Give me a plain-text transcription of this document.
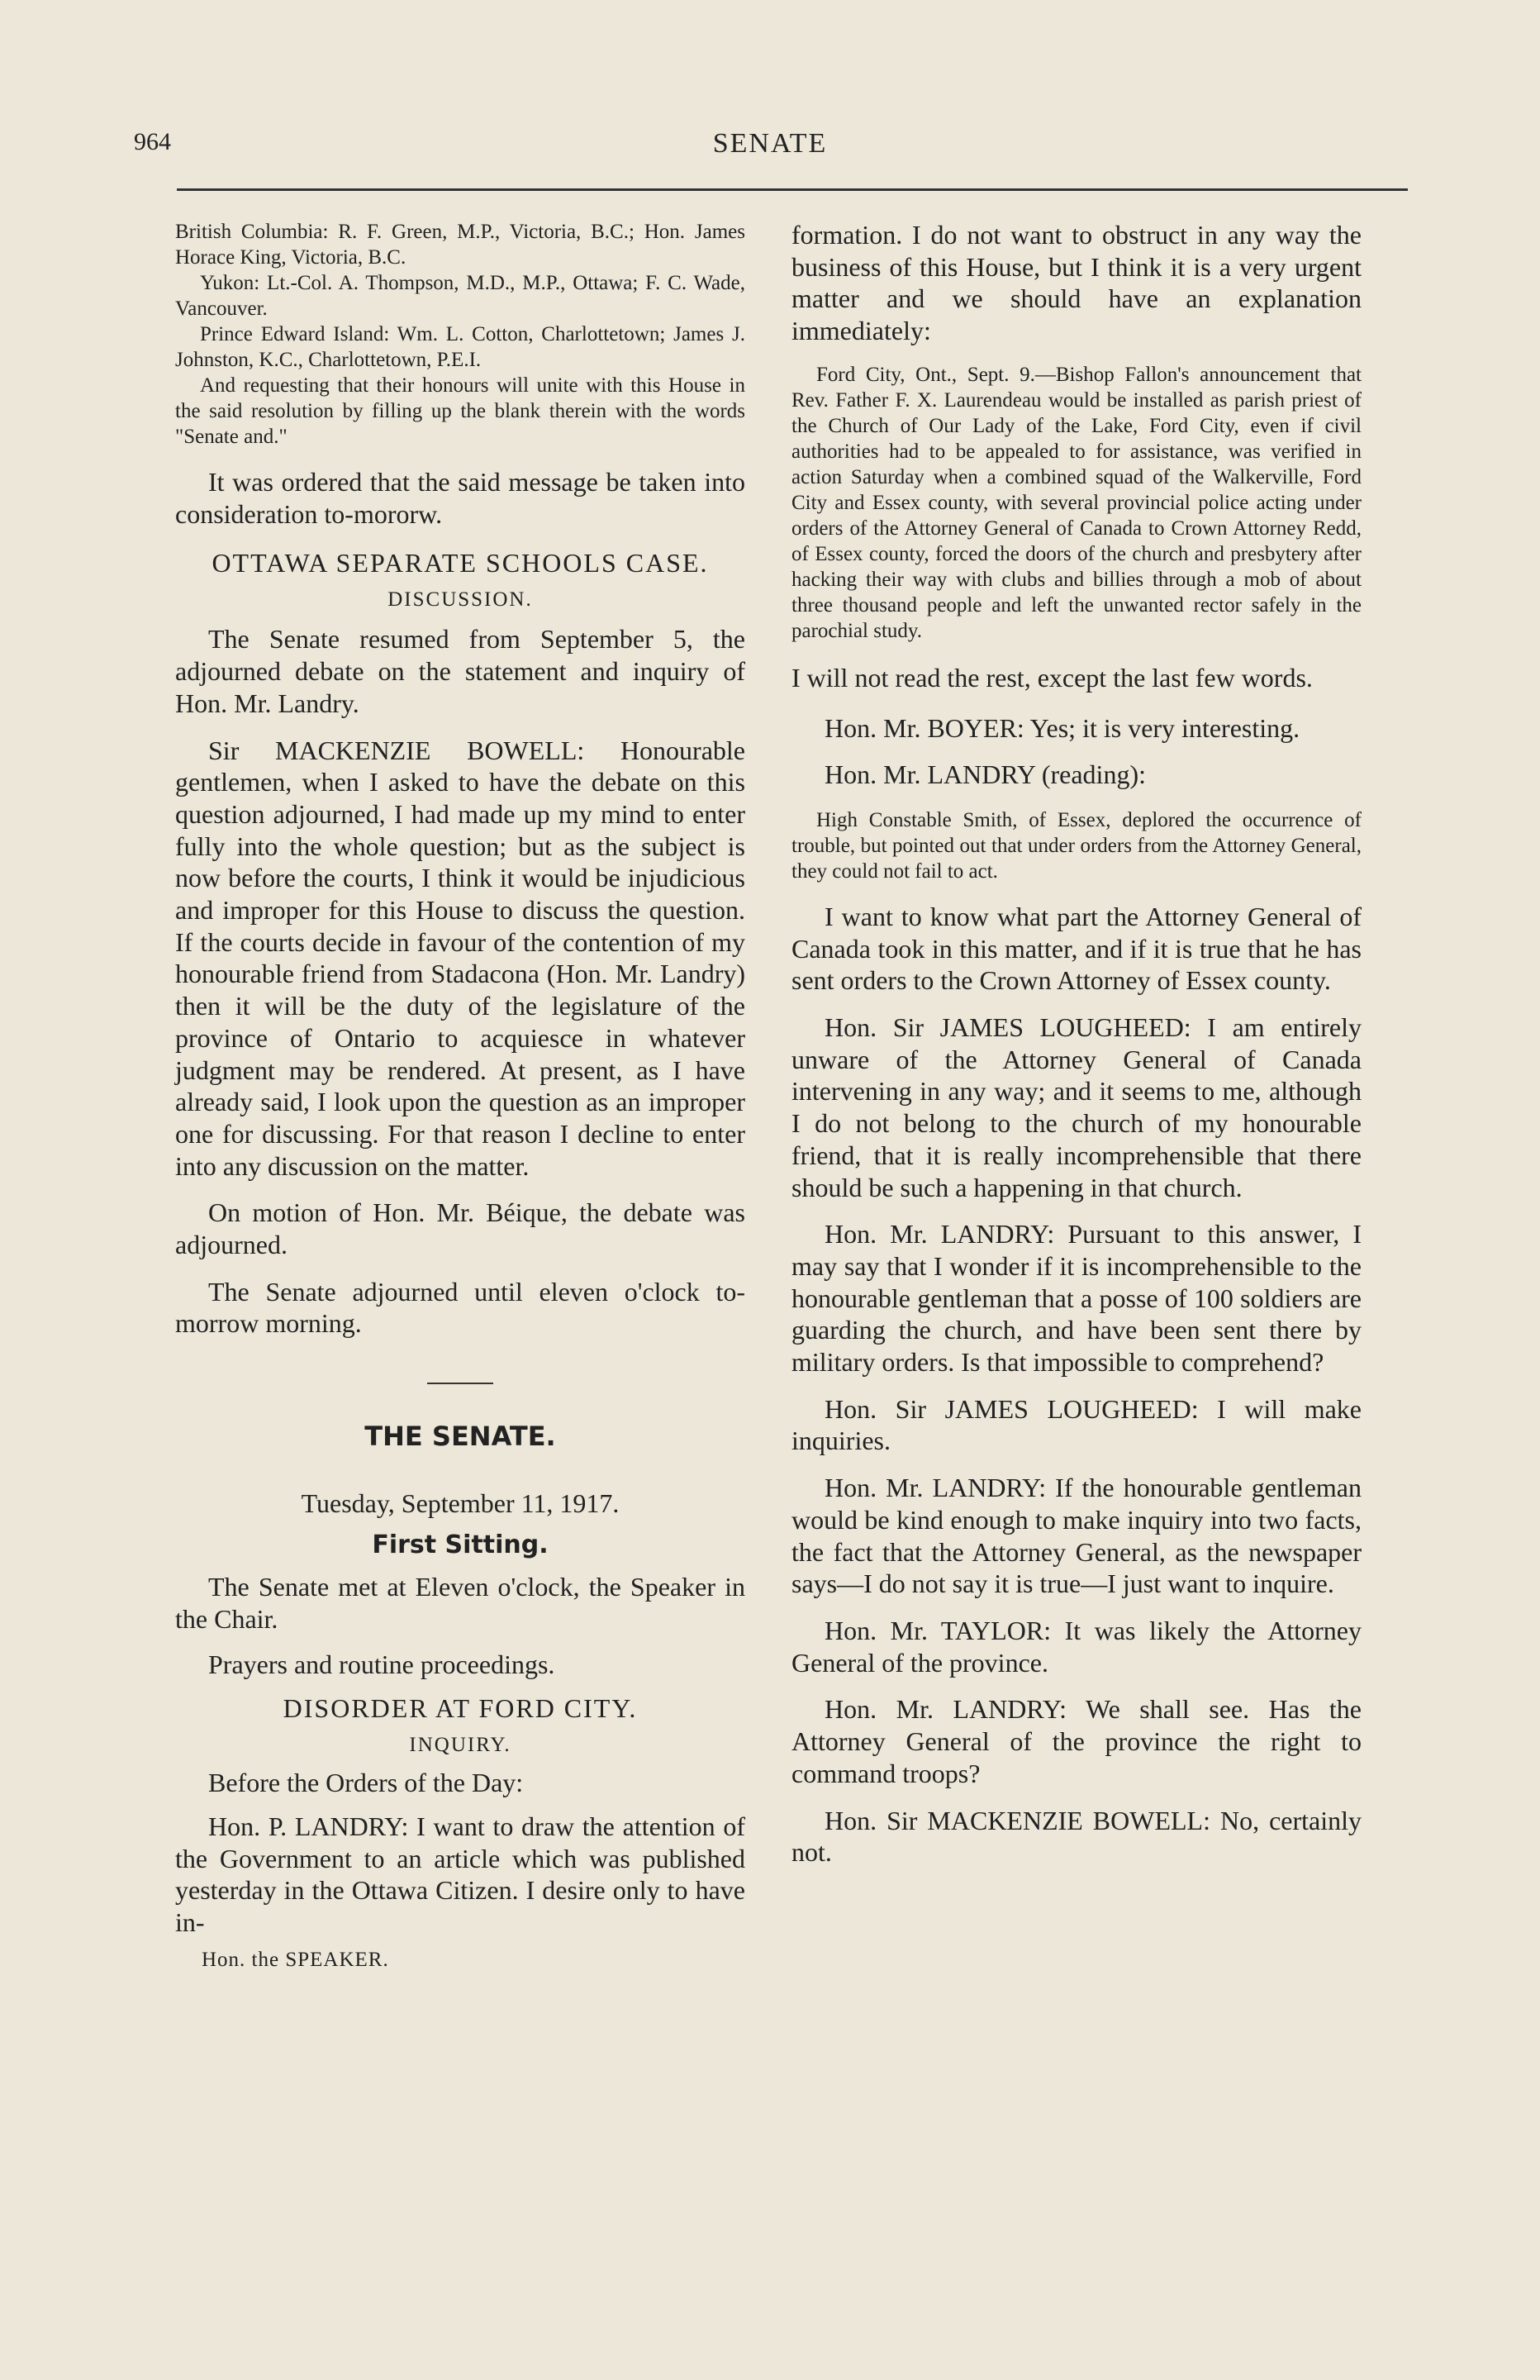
964	SENATE

British Columbia: R. F. Green, M.P., Victoria, B.C.; Hon. James Horace King, Victoria, B.C.

Yukon: Lt.-Col. A. Thompson, M.D., M.P., Ottawa; F. C. Wade, Vancouver.

Prince Edward Island: Wm. L. Cotton, Charlottetown; James J. Johnston, K.C., Charlottetown, P.E.I.

And requesting that their honours will unite with this House in the said resolution by filling up the blank therein with the words "Senate and."

It was ordered that the said message be taken into consideration to-mororw.

OTTAWA SEPARATE SCHOOLS CASE.
DISCUSSION.

The Senate resumed from September 5, the adjourned debate on the statement and inquiry of Hon. Mr. Landry.

Sir MACKENZIE BOWELL: Honourable gentlemen, when I asked to have the debate on this question adjourned, I had made up my mind to enter fully into the whole question; but as the subject is now before the courts, I think it would be injudicious and improper for this House to discuss the question. If the courts decide in favour of the contention of my honourable friend from Stadacona (Hon. Mr. Landry) then it will be the duty of the legislature of the province of Ontario to acquiesce in whatever judgment may be rendered. At present, as I have already said, I look upon the question as an improper one for discussing. For that reason I decline to enter into any discussion on the matter.

On motion of Hon. Mr. Béique, the debate was adjourned.

The Senate adjourned until eleven o'clock to-morrow morning.

THE SENATE.
Tuesday, September 11, 1917.
First Sitting.

The Senate met at Eleven o'clock, the Speaker in the Chair.

Prayers and routine proceedings.

DISORDER AT FORD CITY.
INQUIRY.

Before the Orders of the Day:

Hon. P. LANDRY: I want to draw the attention of the Government to an article which was published yesterday in the Ottawa Citizen. I desire only to have in-

Hon. the SPEAKER.

formation. I do not want to obstruct in any way the business of this House, but I think it is a very urgent matter and we should have an explanation immediately:

Ford City, Ont., Sept. 9.—Bishop Fallon's announcement that Rev. Father F. X. Laurendeau would be installed as parish priest of the Church of Our Lady of the Lake, Ford City, even if civil authorities had to be appealed to for assistance, was verified in action Saturday when a combined squad of the Walkerville, Ford City and Essex county, with several provincial police acting under orders of the Attorney General of Canada to Crown Attorney Redd, of Essex county, forced the doors of the church and presbytery after hacking their way with clubs and billies through a mob of about three thousand people and left the unwanted rector safely in the parochial study.

I will not read the rest, except the last few words.

Hon. Mr. BOYER: Yes; it is very interesting.

Hon. Mr. LANDRY (reading):

High Constable Smith, of Essex, deplored the occurrence of trouble, but pointed out that under orders from the Attorney General, they could not fail to act.

I want to know what part the Attorney General of Canada took in this matter, and if it is true that he has sent orders to the Crown Attorney of Essex county.

Hon. Sir JAMES LOUGHEED: I am entirely unware of the Attorney General of Canada intervening in any way; and it seems to me, although I do not belong to the church of my honourable friend, that it is really incomprehensible that there should be such a happening in that church.

Hon. Mr. LANDRY: Pursuant to this answer, I may say that I wonder if it is incomprehensible to the honourable gentleman that a posse of 100 soldiers are guarding the church, and have been sent there by military orders. Is that impossible to comprehend?

Hon. Sir JAMES LOUGHEED: I will make inquiries.

Hon. Mr. LANDRY: If the honourable gentleman would be kind enough to make inquiry into two facts, the fact that the Attorney General, as the newspaper says—I do not say it is true—I just want to inquire.

Hon. Mr. TAYLOR: It was likely the Attorney General of the province.

Hon. Mr. LANDRY: We shall see. Has the Attorney General of the province the right to command troops?

Hon. Sir MACKENZIE BOWELL: No, certainly not.
